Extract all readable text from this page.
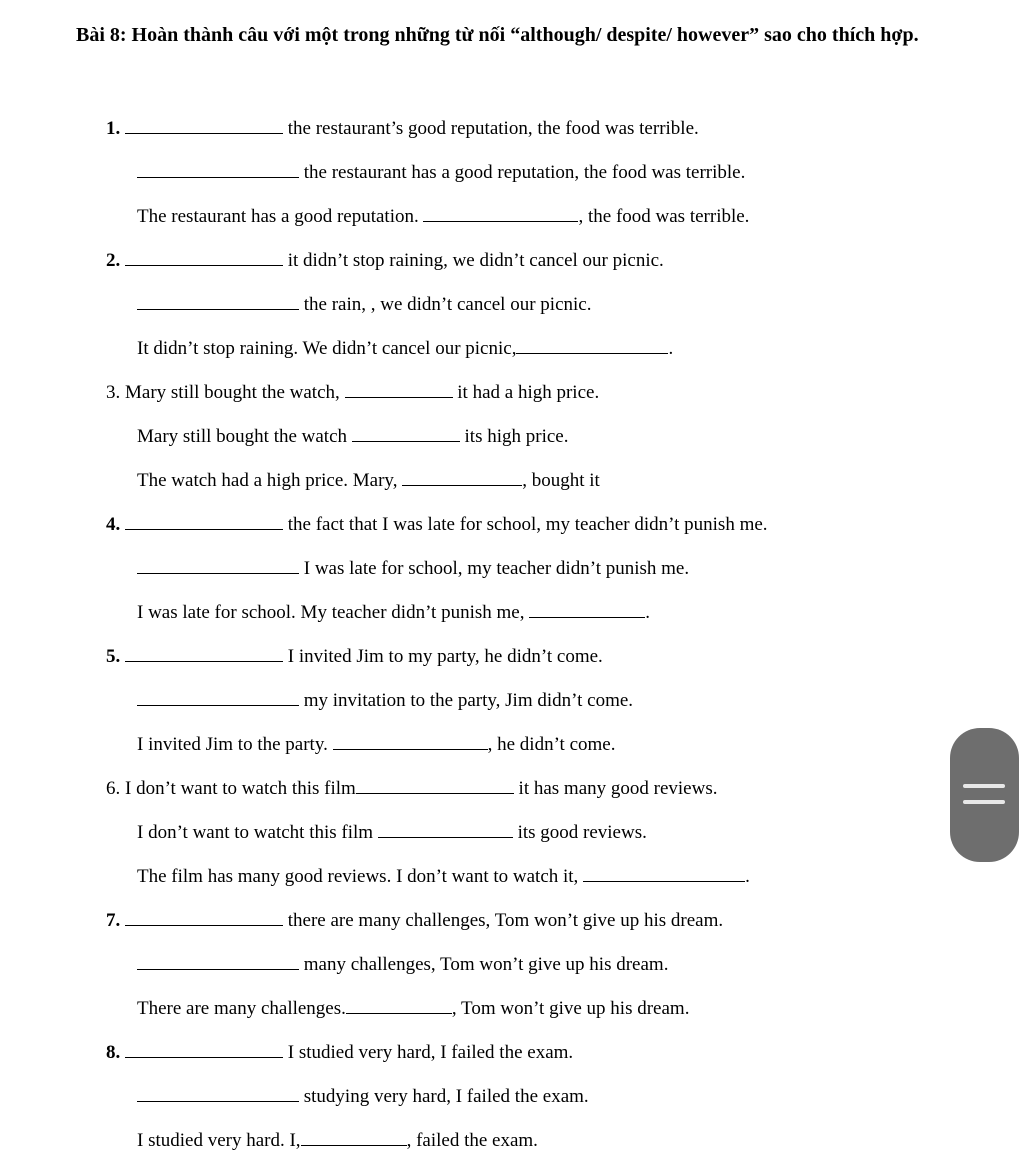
Bài 8: Hoàn thành câu với một trong những từ nối “although/ despite/ however” sao cho thích hợp.
1.	the restaurant’s good reputation, the food was terrible.
the restaurant has a good reputation, the food was terrible.
The restaurant has a good reputation.	, the food was terrible.
2.	it didn’t stop raining, we didn’t cancel our picnic.
the rain, , we didn’t cancel our picnic.
It didn’t stop raining. We didn’t cancel our picnic,	.
3. Mary still bought the watch,	it had a high price.
Mary still bought the watch	its high price.
The watch had a high price. Mary,	, bought it
4.	the fact that I was late for school, my teacher didn’t punish me.
I was late for school, my teacher didn’t punish me.
I was late for school. My teacher didn’t punish me,	.
5.	I invited Jim to my party, he didn’t come.
my invitation to the party, Jim didn’t come.
I invited Jim to the party.	, he didn’t come.
6. I don’t want to watch this film	it has many good reviews.
I don’t want to watcht this film	its good reviews.
The film has many good reviews. I don’t want to watch it,	.
7.	there are many challenges, Tom won’t give up his dream.
many challenges, Tom won’t give up his dream.
There are many challenges.	, Tom won’t give up his dream.
8.	I studied very hard, I failed the exam.
studying very hard, I failed the exam.
I studied very hard. I,	, failed the exam.
